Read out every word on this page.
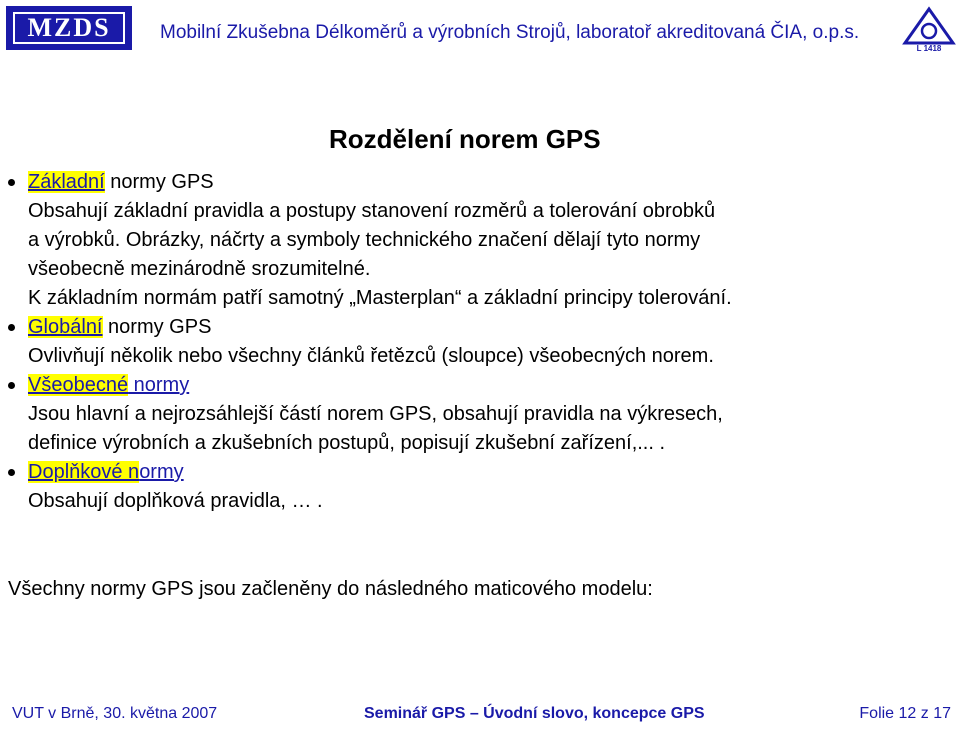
MZDS	Mobilní Zkušebna Délkoměrů a výrobních Strojů, laboratoř akreditovaná ČIA, o.p.s.
L 1418
Rozdělení norem GPS
Základní normy GPS
Obsahují základní pravidla a postupy stanovení rozměrů a tolerování obrobků
a výrobků. Obrázky, náčrty a symboly technického značení dělají tyto normy
všeobecně mezinárodně srozumitelné.
K základním normám patří samotný „Masterplan“ a základní principy tolerování.
Globální normy GPS
Ovlivňují několik nebo všechny článků řetězců (sloupce) všeobecných norem.
Všeobecné normy
Jsou hlavní a nejrozsáhlejší částí norem GPS, obsahují pravidla na výkresech,
definice výrobních a zkušebních postupů, popisují zkušební zařízení,... .
Doplňkové normy
Obsahují doplňková pravidla, … .
Všechny normy GPS jsou začleněny do následného maticového modelu:
VUT v Brně, 30. května 2007	Seminář GPS – Úvodní slovo, koncepce GPS	Folie 12 z 17
